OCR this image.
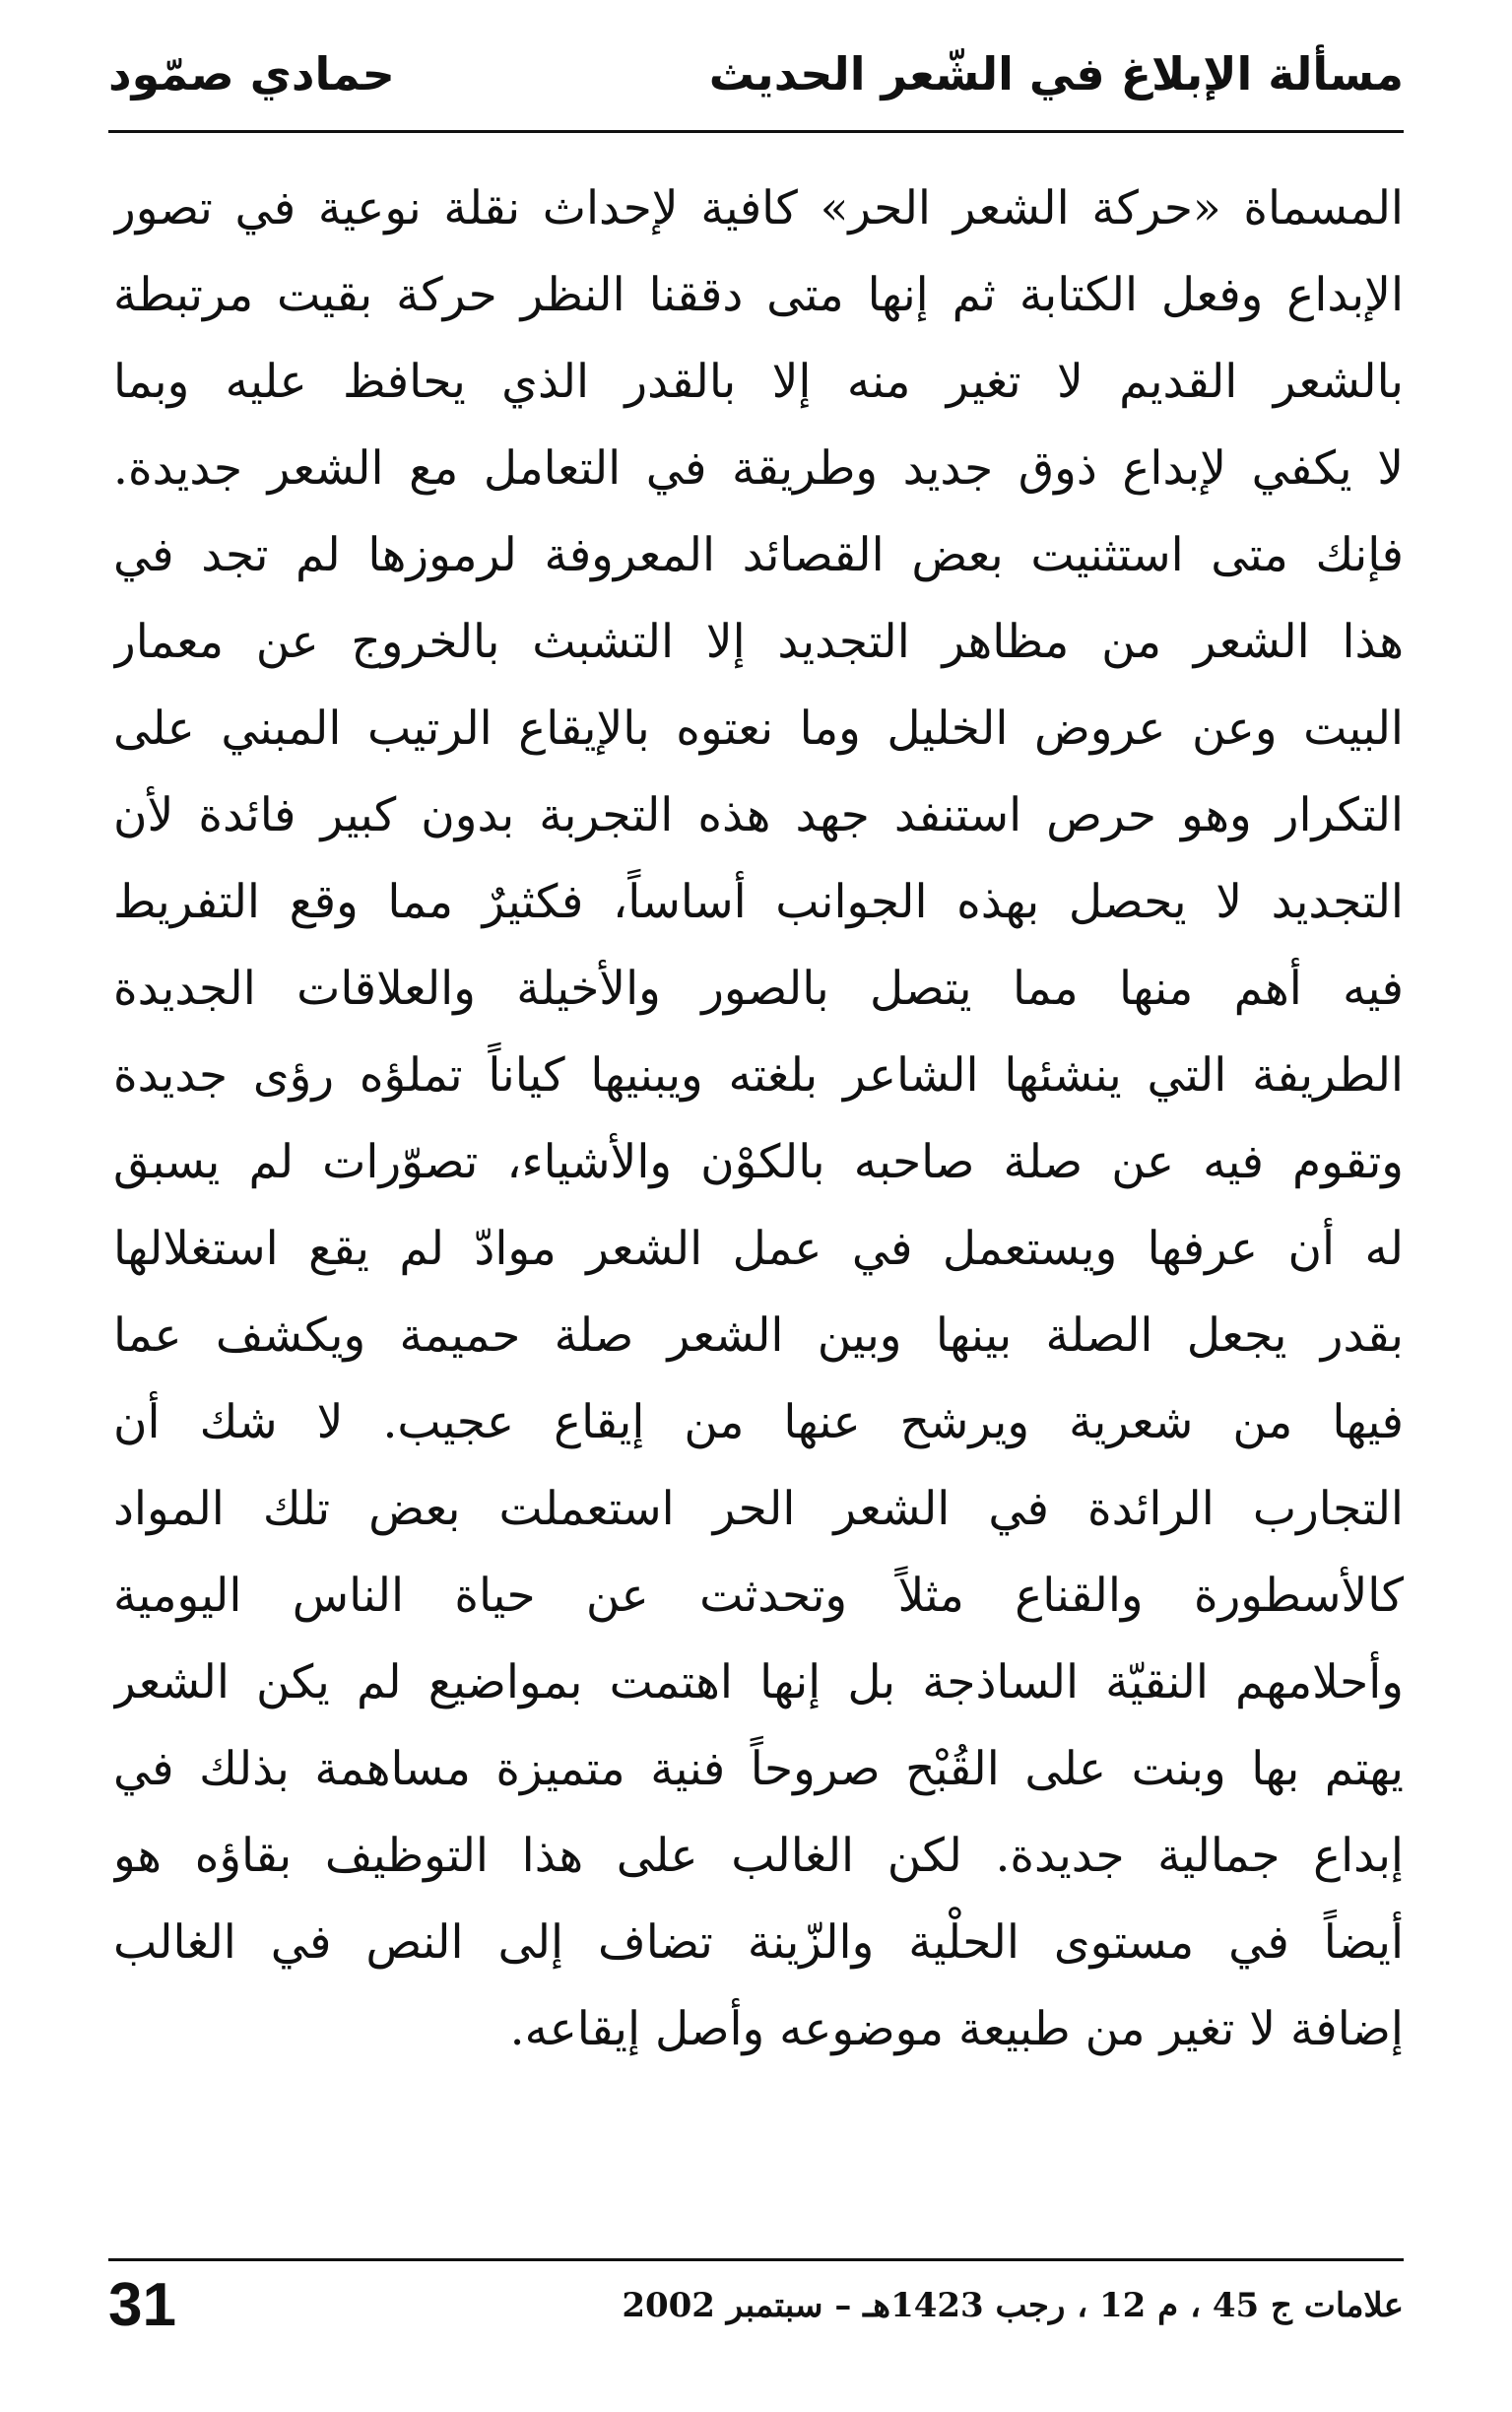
مسألة الإبلاغ في الشّعر الحديث
حمادي صمّود
المسماة «حركة الشعر الحر» كافية لإحداث نقلة نوعية في تصور
الإبداع وفعل الكتابة ثم إنها متى دققنا النظر حركة بقيت مرتبطة
بالشعر القديم لا تغير منه إلا بالقدر الذي يحافظ عليه وبما
لا يكفي لإبداع ذوق جديد وطريقة في التعامل مع الشعر جديدة.
فإنك متى استثنيت بعض القصائد المعروفة لرموزها لم تجد في
هذا الشعر من مظاهر التجديد إلا التشبث بالخروج عن معمار
البيت وعن عروض الخليل وما نعتوه بالإيقاع الرتيب المبني على
التكرار وهو حرص استنفد جهد هذه التجربة بدون كبير فائدة لأن
التجديد لا يحصل بهذه الجوانب أساساً، فكثيرٌ مما وقع التفريط
فيه أهم منها مما يتصل بالصور والأخيلة والعلاقات الجديدة
الطريفة التي ينشئها الشاعر بلغته ويبنيها كياناً تملؤه رؤى جديدة
وتقوم فيه عن صلة صاحبه بالكوْن والأشياء، تصوّرات لم يسبق
له أن عرفها ويستعمل في عمل الشعر موادّ لم يقع استغلالها
بقدر يجعل الصلة بينها وبين الشعر صلة حميمة ويكشف عما
فيها من شعرية ويرشح عنها من إيقاع عجيب. لا شك أن
التجارب الرائدة في الشعر الحر استعملت بعض تلك المواد
كالأسطورة والقناع مثلاً وتحدثت عن حياة الناس اليومية
وأحلامهم النقيّة الساذجة بل إنها اهتمت بمواضيع لم يكن الشعر
يهتم بها وبنت على القُبْح صروحاً فنية متميزة مساهمة بذلك في
إبداع جمالية جديدة. لكن الغالب على هذا التوظيف بقاؤه هو
أيضاً في مستوى الحلْية والزّينة تضاف إلى النص في الغالب
إضافة لا تغير من طبيعة موضوعه وأصل إيقاعه.
31	علامات ج 45 ، م 12 ، رجب 1423هـ – سبتمبر 2002
